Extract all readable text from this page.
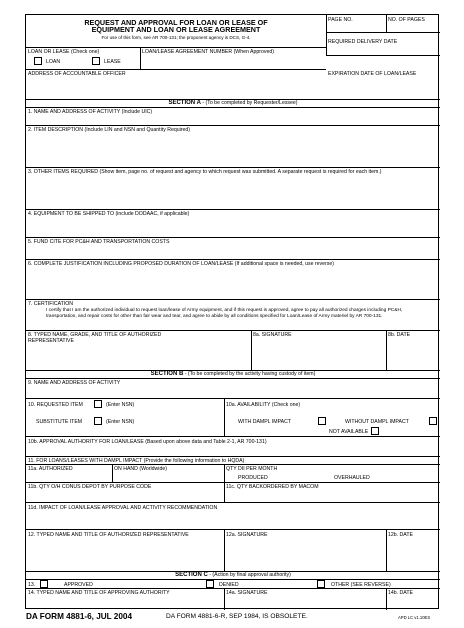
REQUEST AND APPROVAL FOR LOAN OR LEASE OF
EQUIPMENT AND LOAN OR LEASE AGREEMENT
For use of this form, see AR 700-131; the proponent agency is DCS, G-4.
PAGE NO.	NO. OF PAGES
REQUIRED DELIVERY DATE
LOAN OR LEASE (Check one)
LOAN	LEASE
LOAN/LEASE AGREEMENT NUMBER (When Approved)
ADDRESS OF ACCOUNTABLE OFFICER	EXPIRATION DATE OF LOAN/LEASE
SECTION A - (To be completed by Requester/Lessee)
1. NAME AND ADDRESS OF ACTIVITY (Include UIC)
2. ITEM DESCRIPTION (Include LIN and NSN and Quantity Required)
3. OTHER ITEMS REQUIRED (Show item, page no. of request and agency to which request was submitted. A separate request is required for each item.)
4. EQUIPMENT TO BE SHIPPED TO (include DODAAC, if applicable)
5. FUND CITE FOR PC&H AND TRANSPORTATION COSTS
6. COMPLETE JUSTIFICATION INCLUDING PROPOSED DURATION OF LOAN/LEASE (If additional space is needed, use reverse)
7. CERTIFICATION
I certify that I am the authorized individual to request loan/lease of Army equipment, and if this request is approved, agree to pay all authorized charges including PC&H, transportation, and repair costs for other than fair wear and tear, and agree to abide by all conditions specified for Loan/Lease of Army materiel by AR 700-131.
8. TYPED NAME, GRADE, AND TITLE OF AUTHORIZED REPRESENTATIVE
8a. SIGNATURE	8b. DATE
SECTION B - (To be completed by the activity having custody of item)
9. NAME AND ADDRESS OF ACTIVITY
10. REQUESTED ITEM	(Enter NSN)
SUBSTITUTE ITEM	(Enter NSN)
10a. AVAILABILITY (Check one)
WITH DAMPL IMPACT	WITHOUT DAMPL IMPACT
NOT AVAILABLE
10b. APPROVAL AUTHORITY FOR LOAN/LEASE (Based upon above data and Table 2-1, AR 700-131)
11. FOR LOANS/LEASES WITH DAMPL IMPACT (Provide the following information to HQDA)
11a. AUTHORIZED	ON HAND (Worldwide)	QTY DII PER MONTH
PRODUCED	OVERHAULED
11b. QTY O/H CONUS DEPOT BY PURPOSE CODE	11c. QTY BACKORDERED BY MACOM
11d. IMPACT OF LOAN/LEASE APPROVAL AND ACTIVITY RECOMMENDATION
12. TYPED NAME AND TITLE OF AUTHORIZED REPRESENTATIVE	12a. SIGNATURE	12b. DATE
SECTION C - (Action by final approval authority)
13.	APPROVED	DENIED	OTHER (SEE REVERSE)
14. TYPED NAME AND TITLE OF APPROVING AUTHORITY	14a. SIGNATURE	14b. DATE
DA FORM 4881-6, JUL 2004	DA FORM 4881-6-R, SEP 1984, IS OBSOLETE.	APD LC v1.10ES
